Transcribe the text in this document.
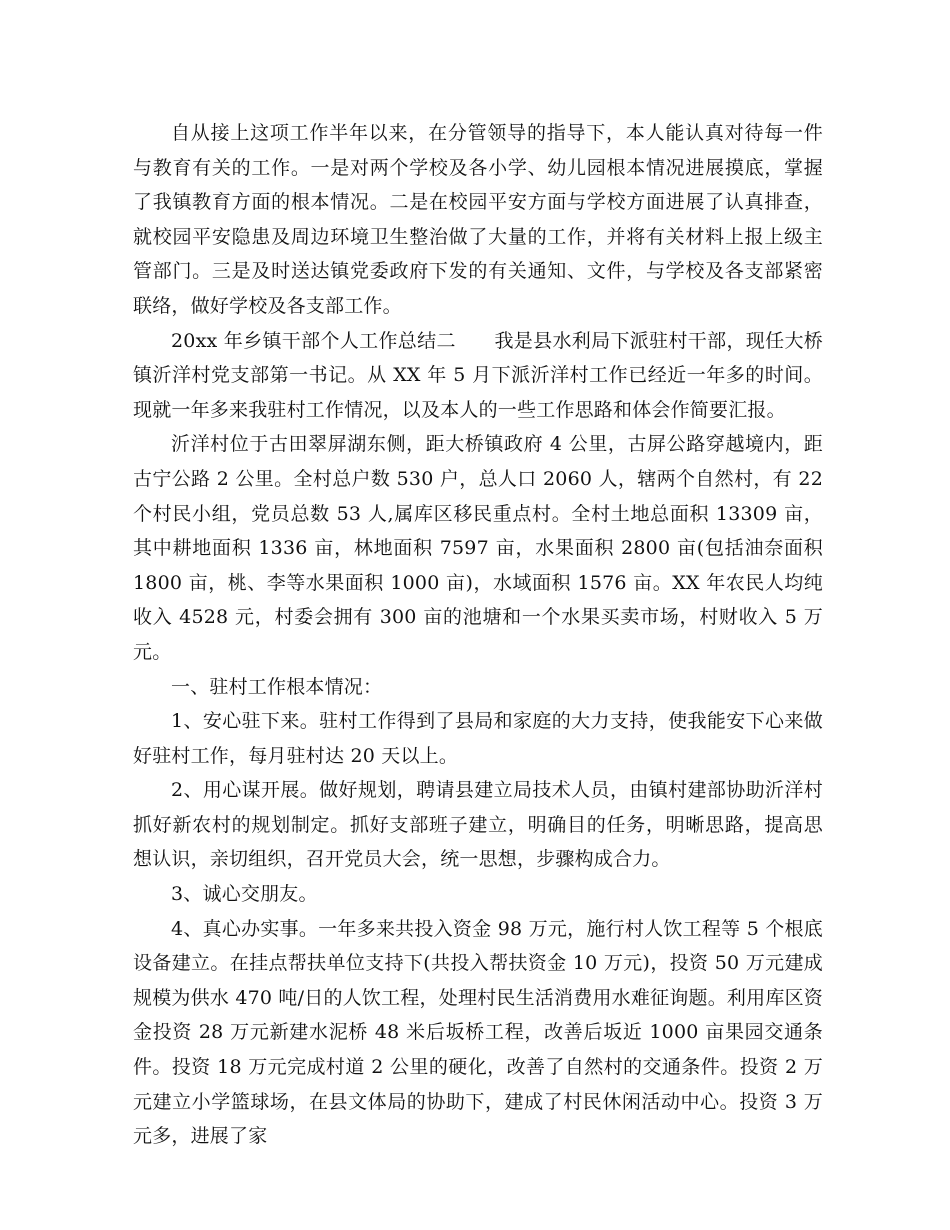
自从接上这项工作半年以来，在分管领导的指导下，本人能认真对待每一件与教育有关的工作。一是对两个学校及各小学、幼儿园根本情况进展摸底，掌握了我镇教育方面的根本情况。二是在校园平安方面与学校方面进展了认真排查，就校园平安隐患及周边环境卫生整治做了大量的工作，并将有关材料上报上级主管部门。三是及时送达镇党委政府下发的有关通知、文件，与学校及各支部紧密联络，做好学校及各支部工作。

20xx 年乡镇干部个人工作总结二　　我是县水利局下派驻村干部，现任大桥镇沂洋村党支部第一书记。从 XX 年 5 月下派沂洋村工作已经近一年多的时间。现就一年多来我驻村工作情况，以及本人的一些工作思路和体会作简要汇报。

沂洋村位于古田翠屏湖东侧，距大桥镇政府 4 公里，古屏公路穿越境内，距古宁公路 2 公里。全村总户数 530 户，总人口 2060 人，辖两个自然村，有 22 个村民小组，党员总数 53 人,属库区移民重点村。全村土地总面积 13309 亩，其中耕地面积 1336 亩，林地面积 7597 亩，水果面积 2800 亩(包括油奈面积 1800 亩，桃、李等水果面积 1000 亩)，水域面积 1576 亩。XX 年农民人均纯收入 4528 元，村委会拥有 300 亩的池塘和一个水果买卖市场，村财收入 5 万元。

一、驻村工作根本情况：

1、安心驻下来。驻村工作得到了县局和家庭的大力支持，使我能安下心来做好驻村工作，每月驻村达 20 天以上。

2、用心谋开展。做好规划，聘请县建立局技术人员，由镇村建部协助沂洋村抓好新农村的规划制定。抓好支部班子建立，明确目的任务，明晰思路，提高思想认识，亲切组织，召开党员大会，统一思想，步骤构成合力。

3、诚心交朋友。

4、真心办实事。一年多来共投入资金 98 万元，施行村人饮工程等 5 个根底设备建立。在挂点帮扶单位支持下(共投入帮扶资金 10 万元)，投资 50 万元建成规模为供水 470 吨/日的人饮工程，处理村民生活消费用水难征询题。利用库区资金投资 28 万元新建水泥桥 48 米后坂桥工程，改善后坂近 1000 亩果园交通条件。投资 18 万元完成村道 2 公里的硬化，改善了自然村的交通条件。投资 2 万元建立小学篮球场，在县文体局的协助下，建成了村民休闲活动中心。投资 3 万元多，进展了家
